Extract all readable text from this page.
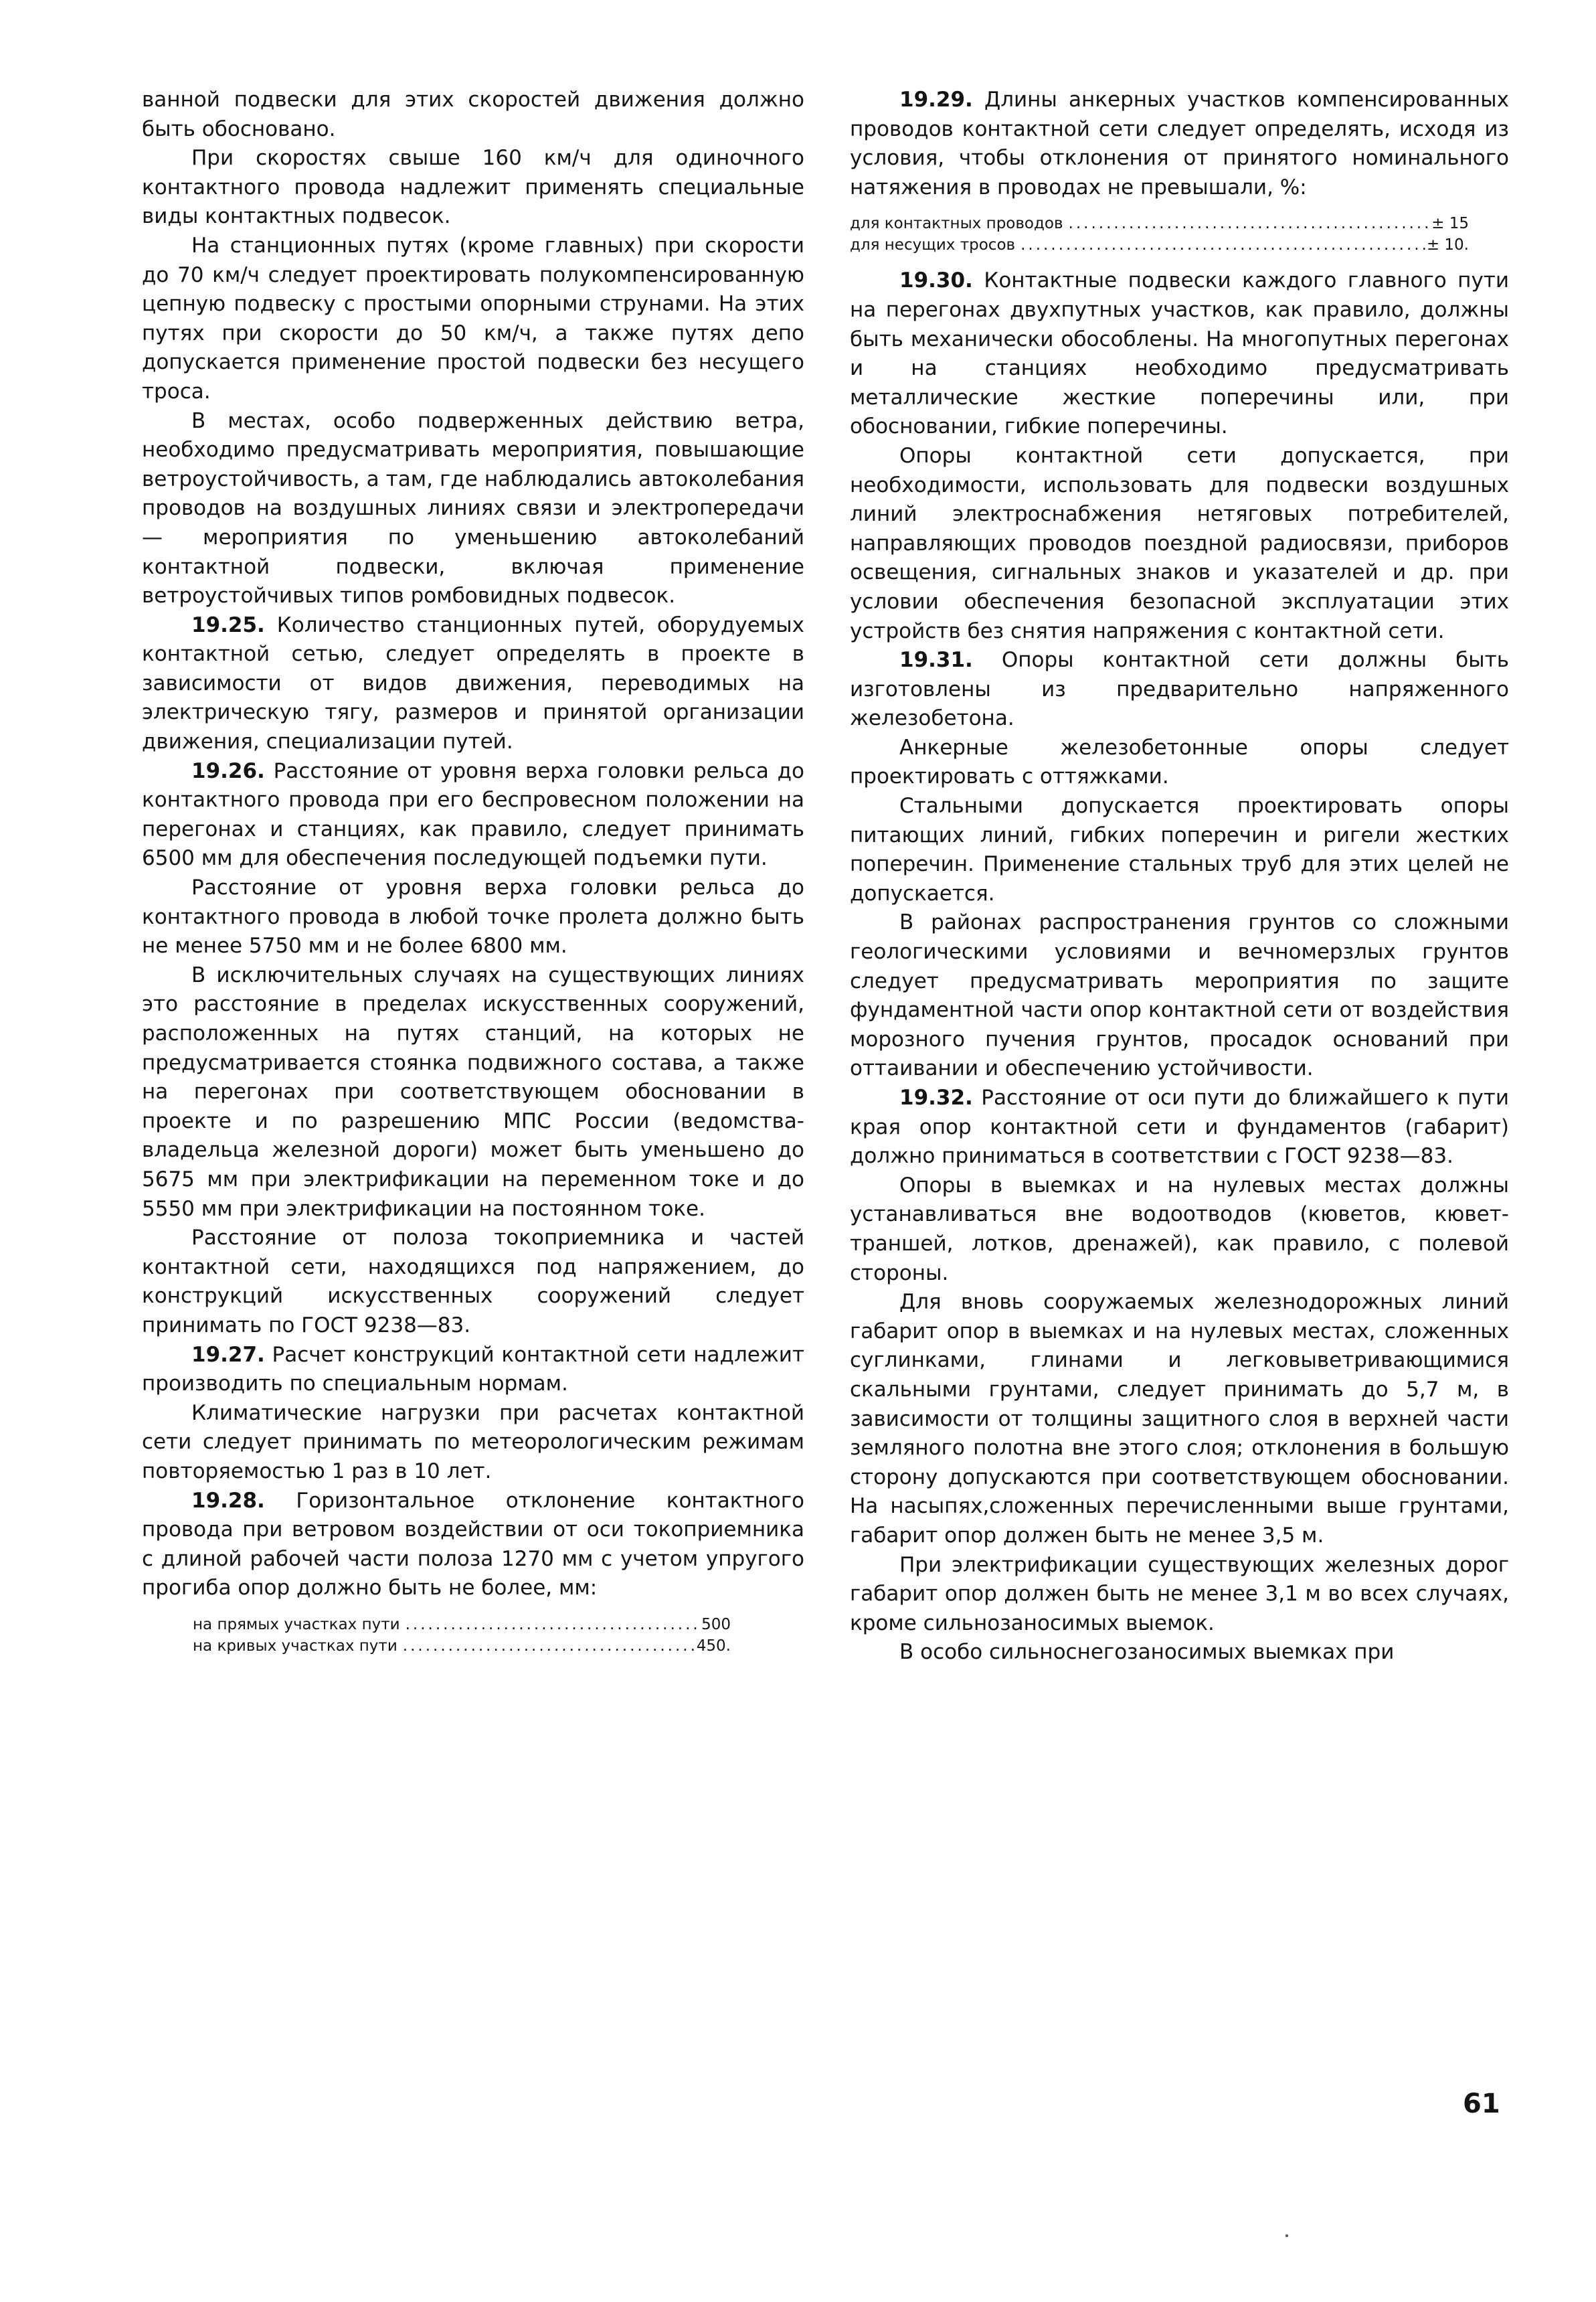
ванной подвески для этих скоростей движения должно быть обосновано.

При скоростях свыше 160 км/ч для одиночного контактного провода надлежит применять специальные виды контактных подвесок.

На станционных путях (кроме главных) при скорости до 70 км/ч следует проектировать полукомпенсированную цепную подвеску с простыми опорными струнами. На этих путях при скорости до 50 км/ч, а также путях депо допускается применение простой подвески без несущего троса.

В местах, особо подверженных действию ветра, необходимо предусматривать мероприятия, повышающие ветроустойчивость, а там, где наблюдались автоколебания проводов на воздушных линиях связи и электропередачи — мероприятия по уменьшению автоколебаний контактной подвески, включая применение ветроустойчивых типов ромбовидных подвесок.

19.25. Количество станционных путей, оборудуемых контактной сетью, следует определять в проекте в зависимости от видов движения, переводимых на электрическую тягу, размеров и принятой организации движения, специализации путей.

19.26. Расстояние от уровня верха головки рельса до контактного провода при его беспровесном положении на перегонах и станциях, как правило, следует принимать 6500 мм для обеспечения последующей подъемки пути.

Расстояние от уровня верха головки рельса до контактного провода в любой точке пролета должно быть не менее 5750 мм и не более 6800 мм.

В исключительных случаях на существующих линиях это расстояние в пределах искусственных сооружений, расположенных на путях станций, на которых не предусматривается стоянка подвижного состава, а также на перегонах при соответствующем обосновании в проекте и по разрешению МПС России (ведомства-владельца железной дороги) может быть уменьшено до 5675 мм при электрификации на переменном токе и до 5550 мм при электрификации на постоянном токе.

Расстояние от полоза токоприемника и частей контактной сети, находящихся под напряжением, до конструкций искусственных сооружений следует принимать по ГОСТ 9238—83.

19.27. Расчет конструкций контактной сети надлежит производить по специальным нормам.

Климатические нагрузки при расчетах контактной сети следует принимать по метеорологическим режимам повторяемостью 1 раз в 10 лет.

19.28. Горизонтальное отклонение контактного провода при ветровом воздействии от оси токоприемника с длиной рабочей части полоза 1270 мм с учетом упругого прогиба опор должно быть не более, мм:

на прямых участках пути .....	500
на кривых участках пути .....	450.

19.29. Длины анкерных участков компенсированных проводов контактной сети следует определять, исходя из условия, чтобы отклонения от принятого номинального натяжения в проводах не превышали, %:

для контактных проводов .....	± 15
для несущих тросов .....	± 10.

19.30. Контактные подвески каждого главного пути на перегонах двухпутных участков, как правило, должны быть механически обособлены. На многопутных перегонах и на станциях необходимо предусматривать металлические жесткие поперечины или, при обосновании, гибкие поперечины.

Опоры контактной сети допускается, при необходимости, использовать для подвески воздушных линий электроснабжения нетяговых потребителей, направляющих проводов поездной радиосвязи, приборов освещения, сигнальных знаков и указателей и др. при условии обеспечения безопасной эксплуатации этих устройств без снятия напряжения с контактной сети.

19.31. Опоры контактной сети должны быть изготовлены из предварительно напряженного железобетона.

Анкерные железобетонные опоры следует проектировать с оттяжками.

Стальными допускается проектировать опоры питающих линий, гибких поперечин и ригели жестких поперечин. Применение стальных труб для этих целей не допускается.

В районах распространения грунтов со сложными геологическими условиями и вечномерзлых грунтов следует предусматривать мероприятия по защите фундаментной части опор контактной сети от воздействия морозного пучения грунтов, просадок оснований при оттаивании и обеспечению устойчивости.

19.32. Расстояние от оси пути до ближайшего к пути края опор контактной сети и фундаментов (габарит) должно приниматься в соответствии с ГОСТ 9238—83.

Опоры в выемках и на нулевых местах должны устанавливаться вне водоотводов (кюветов, кювет-траншей, лотков, дренажей), как правило, с полевой стороны.

Для вновь сооружаемых железнодорожных линий габарит опор в выемках и на нулевых местах, сложенных суглинками, глинами и легковыветривающимися скальными грунтами, следует принимать до 5,7 м, в зависимости от толщины защитного слоя в верхней части земляного полотна вне этого слоя; отклонения в большую сторону допускаются при соответствующем обосновании. На насыпях,сложенных перечисленными выше грунтами, габарит опор должен быть не менее 3,5 м.

При электрификации существующих железных дорог габарит опор должен быть не менее 3,1 м во всех случаях, кроме сильнозаносимых выемок.

В особо сильноснегозаносимых выемках при

61
